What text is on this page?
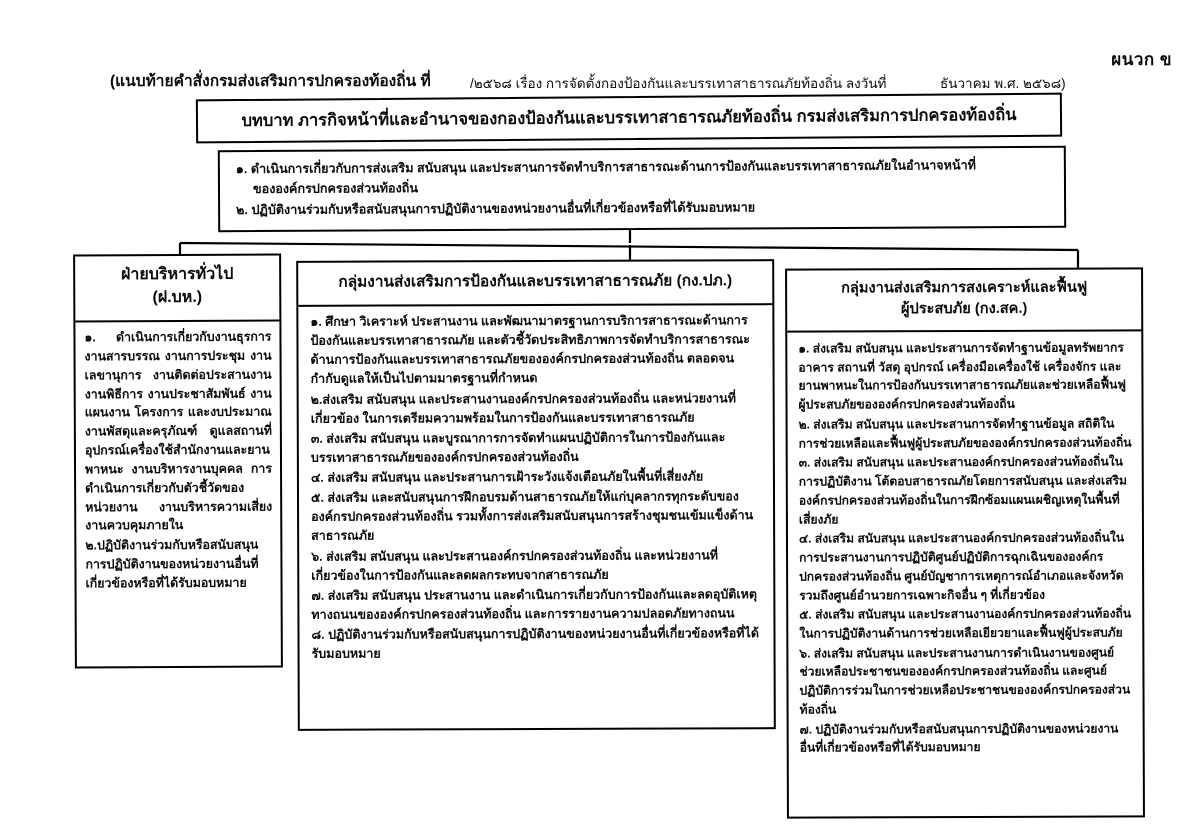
ผนวก ข
(แนบท้ายคำสั่งกรมส่งเสริมการปกครองท้องถิ่น ที่	/๒๕๖๘ เรื่อง การจัดตั้งกองป้องกันและบรรเทาสาธารณภัยท้องถิ่น ลงวันที่	ธันวาคม พ.ศ. ๒๕๖๘)
บทบาท ภารกิจหน้าที่และอำนาจของกองป้องกันและบรรเทาสาธารณภัยท้องถิ่น กรมส่งเสริมการปกครองท้องถิ่น
๑. ดำเนินการเกี่ยวกับการส่งเสริม สนับสนุน และประสานการจัดทำบริการสาธารณะด้านการป้องกันและบรรเทาสาธารณภัยในอำนาจหน้าที่
ขององค์กรปกครองส่วนท้องถิ่น
๒. ปฏิบัติงานร่วมกับหรือสนับสนุนการปฏิบัติงานของหน่วยงานอื่นที่เกี่ยวข้องหรือที่ได้รับมอบหมาย
ฝ่ายบริหารทั่วไป
(ฝ.บห.)

๑. ดำเนินการเกี่ยวกับงานธุรการ งานสารบรรณ งานการประชุม งานเลขานุการ งานติดต่อประสานงาน งานพิธีการ งานประชาสัมพันธ์ งานแผนงาน โครงการ และงบประมาณ งานพัสดุและครุภัณฑ์ ดูแลสถานที่ อุปกรณ์เครื่องใช้สำนักงานและยานพาหนะ งานบริหารงานบุคคล การดำเนินการเกี่ยวกับตัวชี้วัดของหน่วยงาน งานบริหารความเสี่ยง งานควบคุมภายใน

๒.ปฏิบัติงานร่วมกับหรือสนับสนุนการปฏิบัติงานของหน่วยงานอื่นที่เกี่ยวข้องหรือที่ได้รับมอบหมาย

กลุ่มงานส่งเสริมการป้องกันและบรรเทาสาธารณภัย (กง.ปภ.)

๑. ศึกษา วิเคราะห์ ประสานงาน และพัฒนามาตรฐานการบริการสาธารณะด้านการป้องกันและบรรเทาสาธารณภัย และตัวชี้วัดประสิทธิภาพการจัดทำบริการสาธารณะด้านการป้องกันและบรรเทาสาธารณภัยขององค์กรปกครองส่วนท้องถิ่น ตลอดจนกำกับดูแลให้เป็นไปตามมาตรฐานที่กำหนด

๒.ส่งเสริม สนับสนุน และประสานงานองค์กรปกครองส่วนท้องถิ่น และหน่วยงานที่เกี่ยวข้อง ในการเตรียมความพร้อมในการป้องกันและบรรเทาสาธารณภัย

๓. ส่งเสริม สนับสนุน และบูรณาการการจัดทำแผนปฏิบัติการในการป้องกันและบรรเทาสาธารณภัยขององค์กรปกครองส่วนท้องถิ่น

๔. ส่งเสริม สนับสนุน และประสานการเฝ้าระวังแจ้งเตือนภัยในพื้นที่เสี่ยงภัย

๕. ส่งเสริม และสนับสนุนการฝึกอบรมด้านสาธารณภัยให้แก่บุคลากรทุกระดับขององค์กรปกครองส่วนท้องถิ่น รวมทั้งการส่งเสริมสนับสนุนการสร้างชุมชนเข้มแข็งด้านสาธารณภัย

๖. ส่งเสริม สนับสนุน และประสานองค์กรปกครองส่วนท้องถิ่น และหน่วยงานที่เกี่ยวข้องในการป้องกันและลดผลกระทบจากสาธารณภัย

๗. ส่งเสริม สนับสนุน ประสานงาน และดำเนินการเกี่ยวกับการป้องกันและลดอุบัติเหตุทางถนนขององค์กรปกครองส่วนท้องถิ่น และการรายงานความปลอดภัยทางถนน

๘. ปฏิบัติงานร่วมกับหรือสนับสนุนการปฏิบัติงานของหน่วยงานอื่นที่เกี่ยวข้องหรือที่ได้รับมอบหมาย

กลุ่มงานส่งเสริมการสงเคราะห์และฟื้นฟู
ผู้ประสบภัย (กง.สค.)

๑. ส่งเสริม สนับสนุน และประสานการจัดทำฐานข้อมูลทรัพยากร อาคาร สถานที่ วัสดุ อุปกรณ์ เครื่องมือเครื่องใช้ เครื่องจักร และยานพาหนะในการป้องกันบรรเทาสาธารณภัยและช่วยเหลือฟื้นฟูผู้ประสบภัยขององค์กรปกครองส่วนท้องถิ่น

๒. ส่งเสริม สนับสนุน และประสานการจัดทำฐานข้อมูล สถิติในการช่วยเหลือและฟื้นฟูผู้ประสบภัยขององค์กรปกครองส่วนท้องถิ่น

๓. ส่งเสริม สนับสนุน และประสานองค์กรปกครองส่วนท้องถิ่นในการปฏิบัติงาน โต้ตอบสาธารณภัยโดยการสนับสนุน และส่งเสริมองค์กรปกครองส่วนท้องถิ่นในการฝึกซ้อมแผนเผชิญเหตุในพื้นที่เสี่ยงภัย

๔. ส่งเสริม สนับสนุน และประสานองค์กรปกครองส่วนท้องถิ่นในการประสานงานการปฏิบัติศูนย์ปฏิบัติการฉุกเฉินขององค์กรปกครองส่วนท้องถิ่น ศูนย์บัญชาการเหตุการณ์อำเภอและจังหวัด รวมถึงศูนย์อำนวยการเฉพาะกิจอื่น ๆ ที่เกี่ยวข้อง

๕. ส่งเสริม สนับสนุน และประสานงานองค์กรปกครองส่วนท้องถิ่นในการปฏิบัติงานด้านการช่วยเหลือเยียวยาและฟื้นฟูผู้ประสบภัย

๖. ส่งเสริม สนับสนุน และประสานงานการดำเนินงานของศูนย์ช่วยเหลือประชาชนขององค์กรปกครองส่วนท้องถิ่น และศูนย์ปฏิบัติการร่วมในการช่วยเหลือประชาชนขององค์กรปกครองส่วนท้องถิ่น

๗. ปฏิบัติงานร่วมกับหรือสนับสนุนการปฏิบัติงานของหน่วยงานอื่นที่เกี่ยวข้องหรือที่ได้รับมอบหมาย
